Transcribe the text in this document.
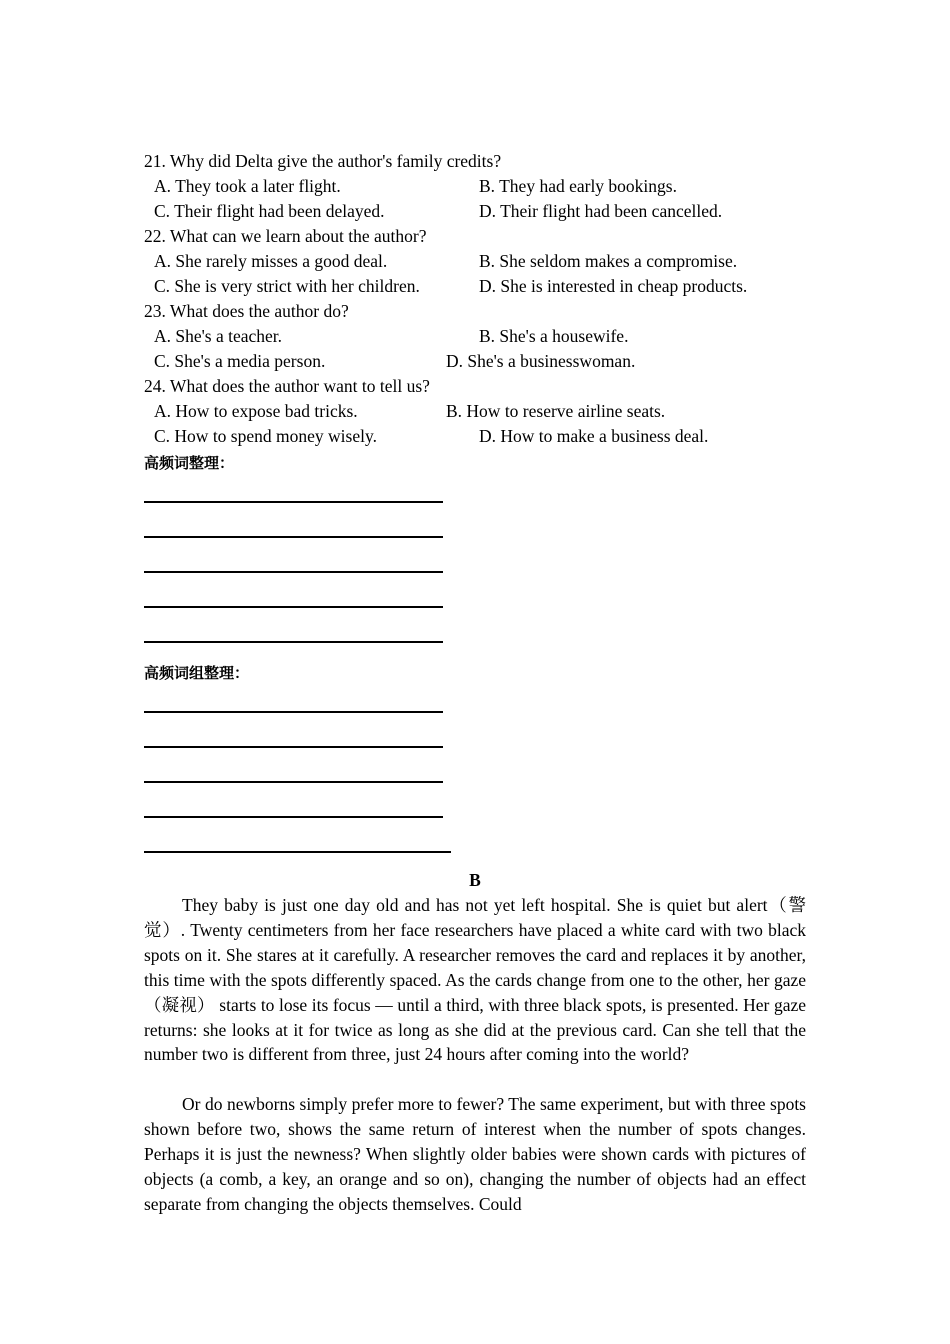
21. Why did Delta give the author's family credits?
A. They took a later flight.	B. They had early bookings.
C. Their flight had been delayed.	D. Their flight had been cancelled.
22. What can we learn about the author?
A. She rarely misses a good deal.	B. She seldom makes a compromise.
C. She is very strict with her children.	D. She is interested in cheap products.
23. What does the author do?
A. She's a teacher.	B. She's a housewife.
C. She's a media person.	D. She's a businesswoman.
24. What does the author want to tell us?
A. How to expose bad tricks.	B. How to reserve airline seats.
C. How to spend money wisely.	D. How to make a business deal.
高频词整理：
高频词组整理：
B

They baby is just one day old and has not yet left hospital. She is quiet but alert（警觉）. Twenty centimeters from her face researchers have placed a white card with two black spots on it. She stares at it carefully. A researcher removes the card and replaces it by another, this time with the spots differently spaced. As the cards change from one to the other, her gaze（凝视） starts to lose its focus — until a third, with three black spots, is presented. Her gaze returns: she looks at it for twice as long as she did at the previous card. Can she tell that the number two is different from three, just 24 hours after coming into the world?

Or do newborns simply prefer more to fewer? The same experiment, but with three spots shown before two, shows the same return of interest when the number of spots changes. Perhaps it is just the newness? When slightly older babies were shown cards with pictures of objects (a comb, a key, an orange and so on), changing the number of objects had an effect separate from changing the objects themselves. Could
